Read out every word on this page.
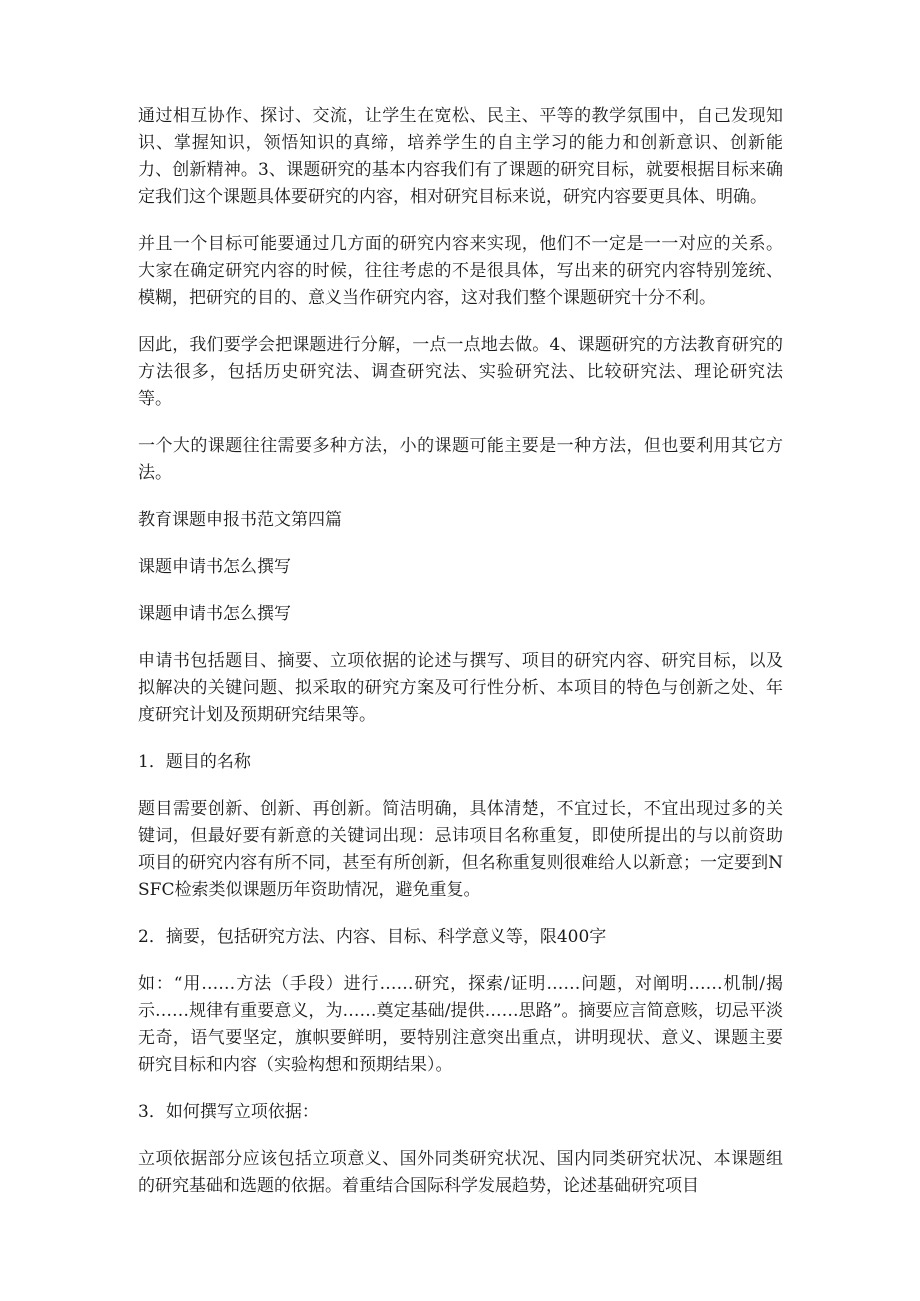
通过相互协作、探讨、交流，让学生在宽松、民主、平等的教学氛围中，自己发现知识、掌握知识，领悟知识的真缔，培养学生的自主学习的能力和创新意识、创新能力、创新精神。3、课题研究的基本内容我们有了课题的研究目标，就要根据目标来确定我们这个课题具体要研究的内容，相对研究目标来说，研究内容要更具体、明确。

并且一个目标可能要通过几方面的研究内容来实现，他们不一定是一一对应的关系。大家在确定研究内容的时候，往往考虑的不是很具体，写出来的研究内容特别笼统、模糊，把研究的目的、意义当作研究内容，这对我们整个课题研究十分不利。

因此，我们要学会把课题进行分解，一点一点地去做。4、课题研究的方法教育研究的方法很多，包括历史研究法、调查研究法、实验研究法、比较研究法、理论研究法等。

一个大的课题往往需要多种方法，小的课题可能主要是一种方法，但也要利用其它方法。

教育课题申报书范文第四篇

课题申请书怎么撰写

课题申请书怎么撰写

申请书包括题目、摘要、立项依据的论述与撰写、项目的研究内容、研究目标，以及拟解决的关键问题、拟采取的研究方案及可行性分析、本项目的特色与创新之处、年度研究计划及预期研究结果等。

1．题目的名称

题目需要创新、创新、再创新。简洁明确，具体清楚，不宜过长，不宜出现过多的关键词，但最好要有新意的关键词出现：忌讳项目名称重复，即使所提出的与以前资助项目的研究内容有所不同，甚至有所创新，但名称重复则很难给人以新意；一定要到NSFC检索类似课题历年资助情况，避免重复。

2．摘要，包括研究方法、内容、目标、科学意义等，限400字

如：“用……方法（手段）进行……研究，探索/证明……问题，对阐明……机制/揭示……规律有重要意义，为……奠定基础/提供……思路”。摘要应言简意赅，切忌平淡无奇，语气要坚定，旗帜要鲜明，要特别注意突出重点，讲明现状、意义、课题主要研究目标和内容（实验构想和预期结果）。

3．如何撰写立项依据：

立项依据部分应该包括立项意义、国外同类研究状况、国内同类研究状况、本课题组的研究基础和选题的依据。着重结合国际科学发展趋势，论述基础研究项目
